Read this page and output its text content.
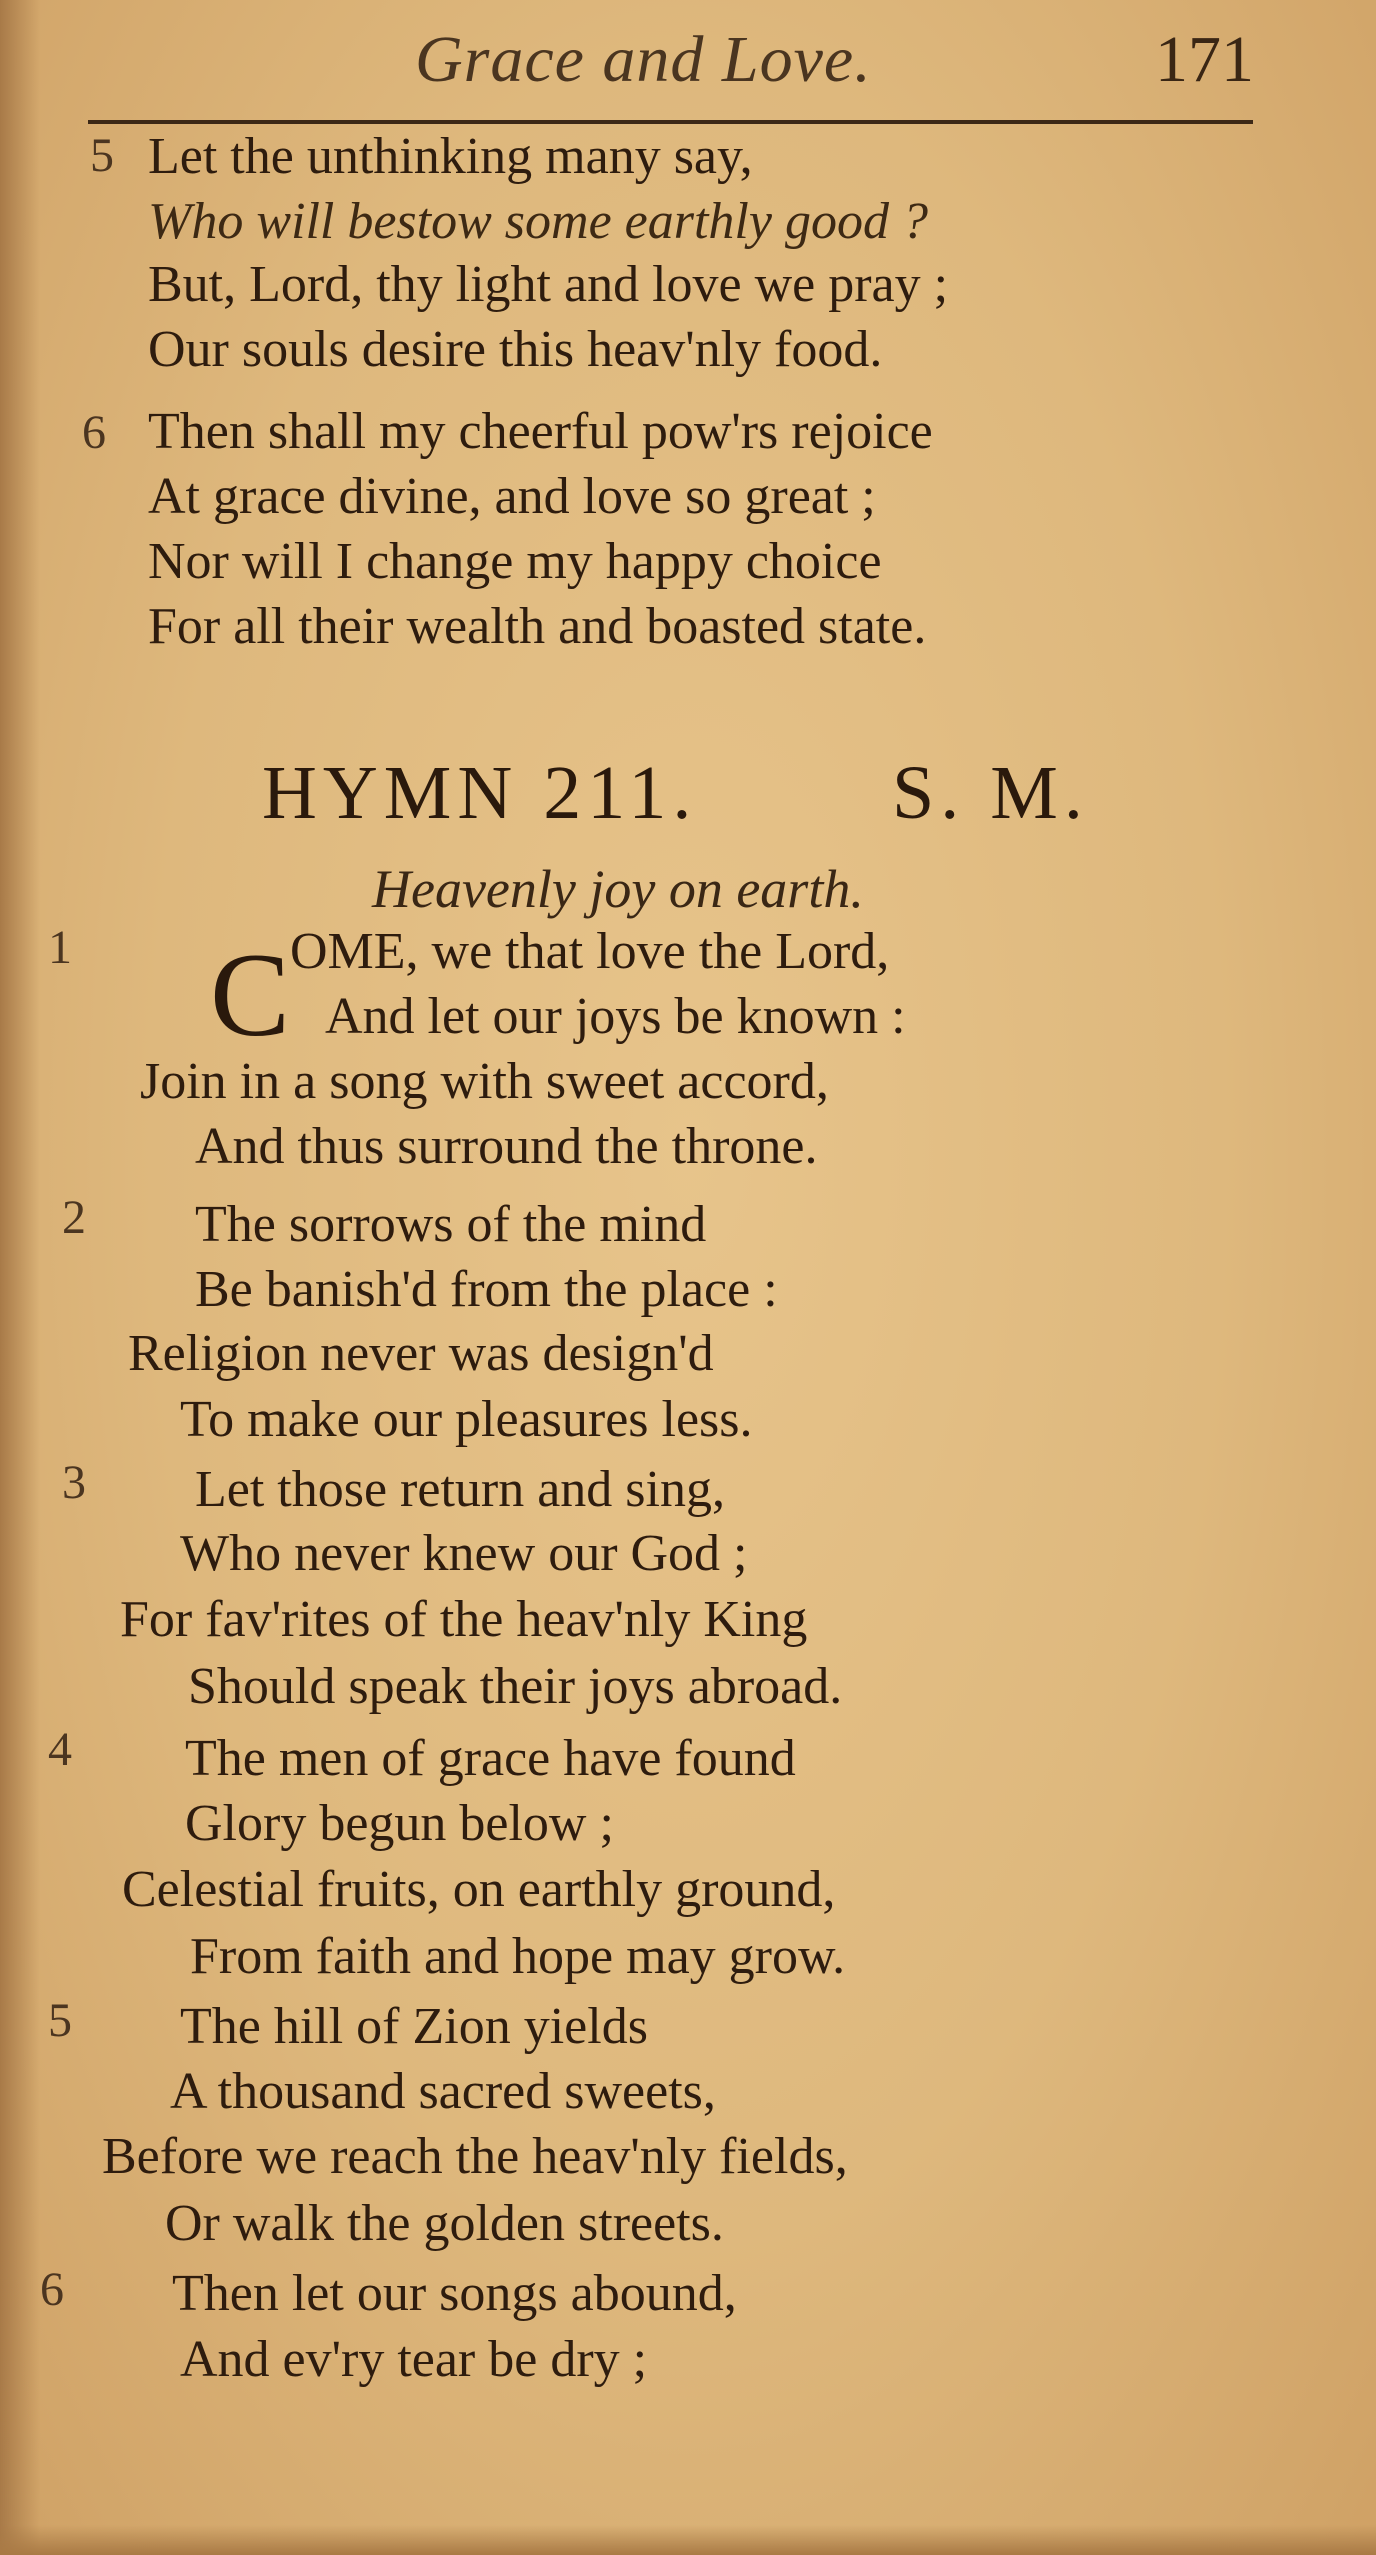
Grace and Love.	171
5 Let the unthinking many say,
Who will bestow some earthly good ?
But, Lord, thy light and love we pray ;
Our souls desire this heav'nly food.
6 Then shall my cheerful pow'rs rejoice
At grace divine, and love so great ;
Nor will I change my happy choice
For all their wealth and boasted state.
HYMN 211.	S. M.
Heavenly joy on earth.
1 C OME, we that love the Lord,
And let our joys be known :
Join in a song with sweet accord,
And thus surround the throne.
2	The sorrows of the mind
Be banish'd from the place :
Religion never was design'd
To make our pleasures less.
3	Let those return and sing,
Who never knew our God ;
For fav'rites of the heav'nly King
Should speak their joys abroad.
4	The men of grace have found
Glory begun below ;
Celestial fruits, on earthly ground,
From faith and hope may grow.
5	The hill of Zion yields
A thousand sacred sweets,
Before we reach the heav'nly fields,
Or walk the golden streets.
6	Then let our songs abound,
And ev'ry tear be dry ;
